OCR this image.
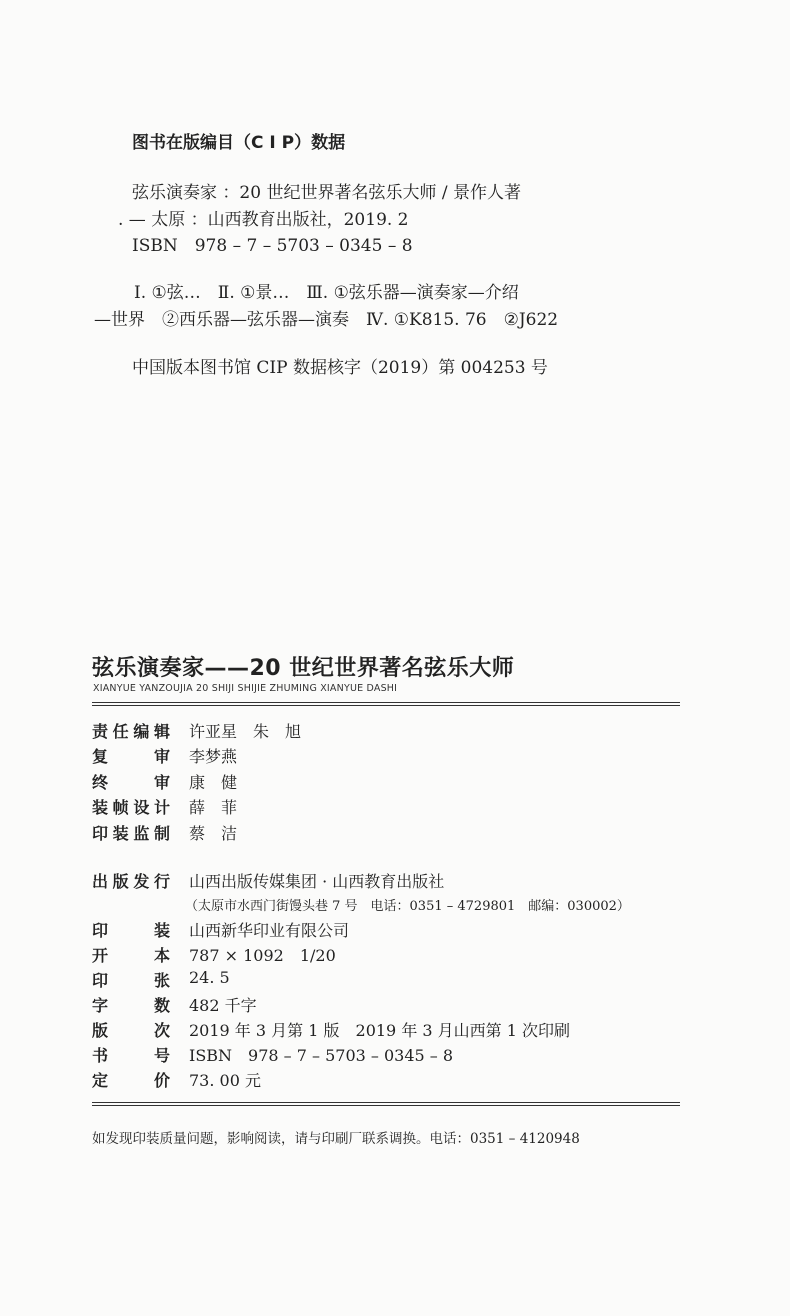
图书在版编目（C I P）数据
弦乐演奏家 ：20 世纪世界著名弦乐大师 / 景作人著
. — 太原 ：山西教育出版社，2019. 2
ISBN　978 – 7 – 5703 – 0345 – 8
Ⅰ. ①弦…　Ⅱ. ①景…　Ⅲ. ①弦乐器—演奏家—介绍
—世界　②西乐器—弦乐器—演奏　Ⅳ. ①K815. 76　②J622
中国版本图书馆 CIP 数据核字（2019）第 004253 号
弦乐演奏家——20 世纪世界著名弦乐大师
XIANYUE YANZOUJIA 20 SHIJI SHIJIE ZHUMING XIANYUE DASHI
责任编辑 许亚星　朱　旭
复审 李梦燕
终审 康　健
装帧设计 薛　菲
印装监制 蔡　洁
出版发行 山西出版传媒集团 · 山西教育出版社
（太原市水西门街馒头巷 7 号　电话：0351 – 4729801　邮编：030002）
印装 山西新华印业有限公司
开本 787 × 1092　1/20
印张 24. 5
字数 482 千字
版次 2019 年 3 月第 1 版　2019 年 3 月山西第 1 次印刷
书号 ISBN　978 – 7 – 5703 – 0345 – 8
定价 73. 00 元
如发现印装质量问题，影响阅读，请与印刷厂联系调换。电话：0351 – 4120948
